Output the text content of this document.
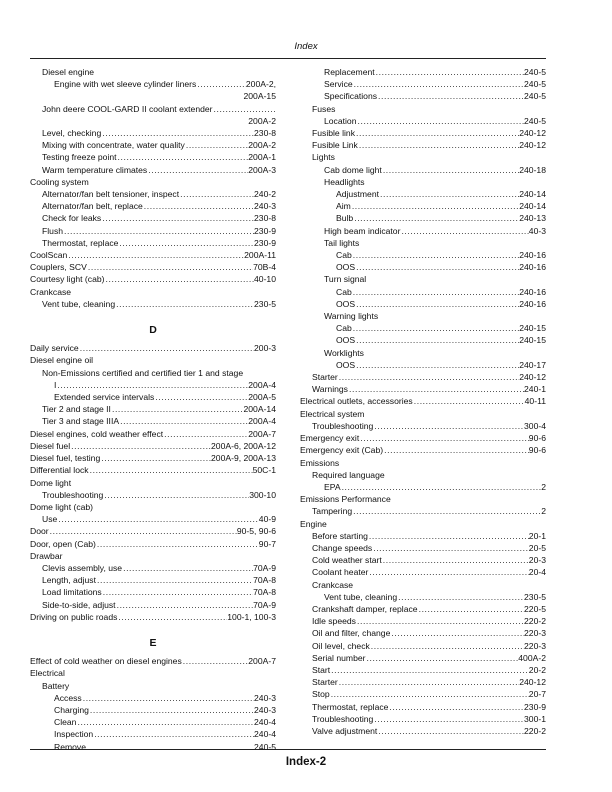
Index
Diesel engine
Engine with wet sleeve cylinder liners .....	200A-2,
200A-15
John deere COOL-GARD II coolant extender
.....
200A-2
Level, checking .....	230-8
Mixing with concentrate, water quality .....	200A-2
Testing freeze point .....	200A-1
Warm temperature climates .....	200A-3
Cooling system
Alternator/fan belt tensioner, inspect .....	240-2
Alternator/fan belt, replace .....	240-3
Check for leaks .....	230-8
Flush .....	230-9
Thermostat, replace .....	230-9
CoolScan .....	200A-11
Couplers, SCV .....	70B-4
Courtesy light (cab) .....	40-10
Crankcase
Vent tube, cleaning .....	230-5
D
Daily service .....	200-3
Diesel engine oil
Non-Emissions certified and certified tier 1 and stage
I .....	200A-4
Extended service intervals .....	200A-5
Tier 2 and stage II .....	200A-14
Tier 3 and stage IIIA .....	200A-4
Diesel engines, cold weather effect .....	200A-7
Diesel fuel .....	200A-6, 200A-12
Diesel fuel, testing .....	200A-9, 200A-13
Differential lock .....	50C-1
Dome light
Troubleshooting .....	300-10
Dome light (cab)
Use .....	40-9
Door .....	90-5, 90-6
Door, open (Cab) .....	90-7
Drawbar
Clevis assembly, use .....	70A-9
Length, adjust .....	70A-8
Load limitations .....	70A-8
Side-to-side, adjust .....	70A-9
Driving on public roads .....	100-1, 100-3
E
Effect of cold weather on diesel engines .....	200A-7
Electrical
Battery
Access .....	240-3
Charging .....	240-3
Clean .....	240-4
Inspection .....	240-4
Remove .....	240-5
Replacement .....	240-5
Service .....	240-5
Specifications .....	240-5
Fuses
Location .....	240-5
Fusible link .....	240-12
Fusible Link .....	240-12
Lights
Cab dome light .....	240-18
Headlights
Adjustment .....	240-14
Aim .....	240-14
Bulb .....	240-13
High beam indicator .....	40-3
Tail lights
Cab .....	240-16
OOS .....	240-16
Turn signal
Cab .....	240-16
OOS .....	240-16
Warning lights
Cab .....	240-15
OOS .....	240-15
Worklights
OOS .....	240-17
Starter .....	240-12
Warnings .....	240-1
Electrical outlets, accessories .....	40-11
Electrical system
Troubleshooting .....	300-4
Emergency exit .....	90-6
Emergency exit (Cab) .....	90-6
Emissions
Required language
EPA .....	2
Emissions Performance
Tampering .....	2
Engine
Before starting .....	20-1
Change speeds .....	20-5
Cold weather start .....	20-3
Coolant heater .....	20-4
Crankcase
Vent tube, cleaning .....	230-5
Crankshaft damper, replace .....	220-5
Idle speeds .....	220-2
Oil and filter, change .....	220-3
Oil level, check .....	220-3
Serial number .....	400A-2
Start .....	20-2
Starter .....	240-12
Stop .....	20-7
Thermostat, replace .....	230-9
Troubleshooting .....	300-1
Valve adjustment .....	220-2
Index-2
